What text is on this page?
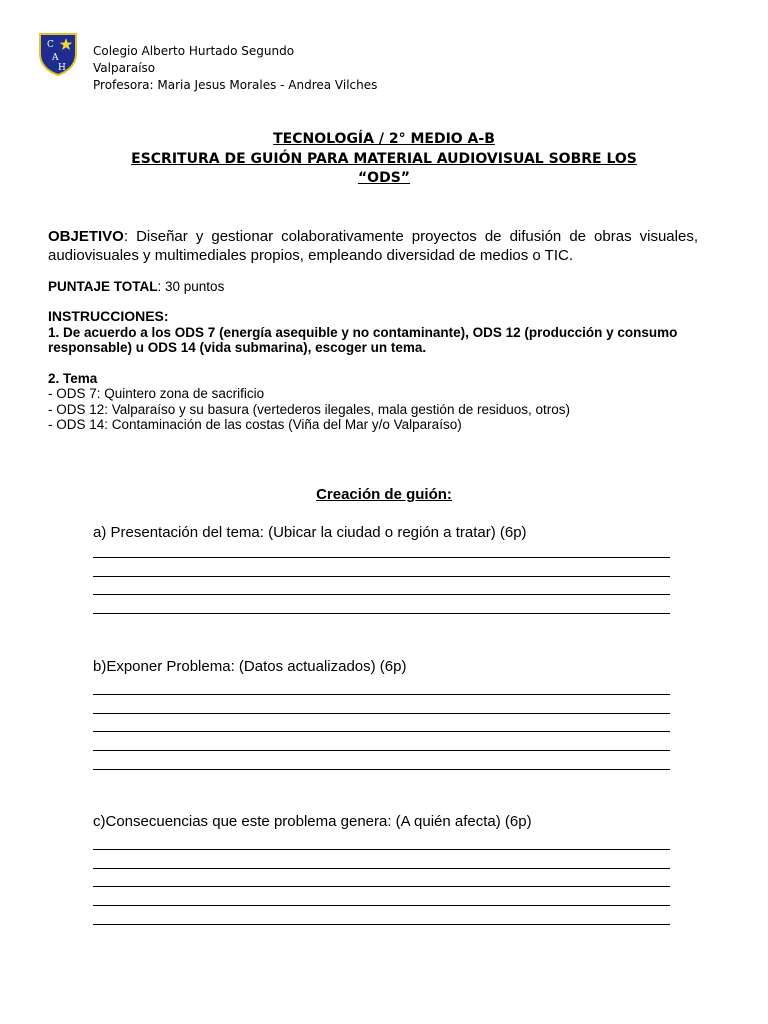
C
A
H
Colegio Alberto Hurtado Segundo
Valparaíso
Profesora: Maria Jesus Morales - Andrea Vilches
TECNOLOGÍA / 2° MEDIO A-B
ESCRITURA DE GUIÓN PARA MATERIAL AUDIOVISUAL SOBRE LOS
“ODS”
OBJETIVO: Diseñar y gestionar colaborativamente proyectos de difusión de obras visuales, audiovisuales y multimediales propios, empleando diversidad de medios o TIC.
PUNTAJE TOTAL: 30 puntos
INSTRUCCIONES:
1. De acuerdo a los ODS 7 (energía asequible y no contaminante), ODS 12 (producción y consumo responsable) u ODS 14 (vida submarina), escoger un tema.
2. Tema
- ODS 7: Quintero zona de sacrificio
- ODS 12: Valparaíso y su basura (vertederos ilegales, mala gestión de residuos, otros)
- ODS 14: Contaminación de las costas (Viña del Mar y/o Valparaíso)
Creación de guión:
a) Presentación del tema: (Ubicar la ciudad o región a tratar) (6p)
b)Exponer Problema: (Datos actualizados) (6p)
c)Consecuencias que este problema genera: (A quién afecta) (6p)
